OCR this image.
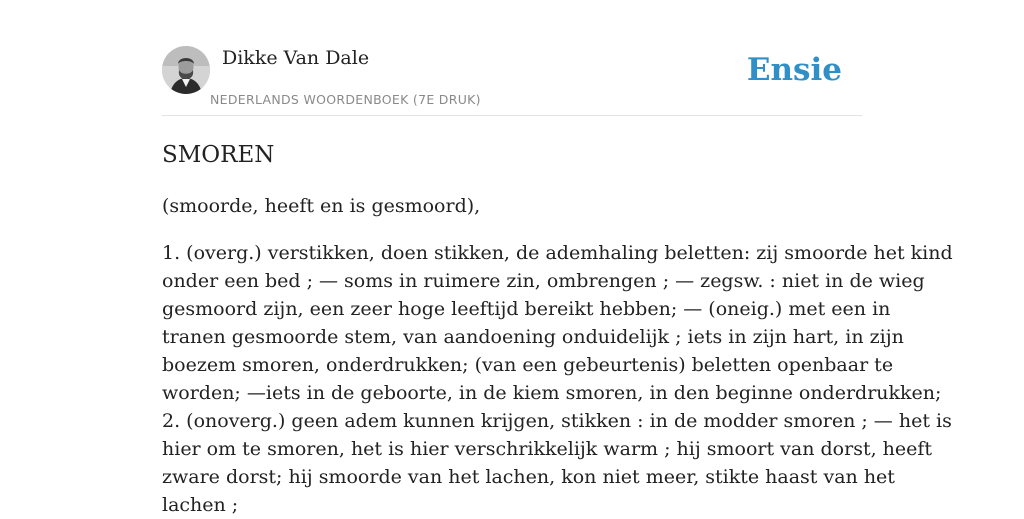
Dikke Van Dale
NEDERLANDS WOORDENBOEK (7E DRUK)
Ensie
SMOREN
(smoorde, heeft en is gesmoord),
1. (overg.) verstikken, doen stikken, de ademhaling beletten: zij smoorde het kind
onder een bed ; — soms in ruimere zin, ombrengen ; — zegsw. : niet in de wieg
gesmoord zijn, een zeer hoge leeftijd bereikt hebben; — (oneig.) met een in
tranen gesmoorde stem, van aandoening onduidelijk ; iets in zijn hart, in zijn
boezem smoren, onderdrukken; (van een gebeurtenis) beletten openbaar te
worden; —iets in de geboorte, in de kiem smoren, in den beginne onderdrukken;
2. (onoverg.) geen adem kunnen krijgen, stikken : in de modder smoren ; — het is
hier om te smoren, het is hier verschrikkelijk warm ; hij smoort van dorst, heeft
zware dorst; hij smoorde van het lachen, kon niet meer, stikte haast van het
lachen ;
